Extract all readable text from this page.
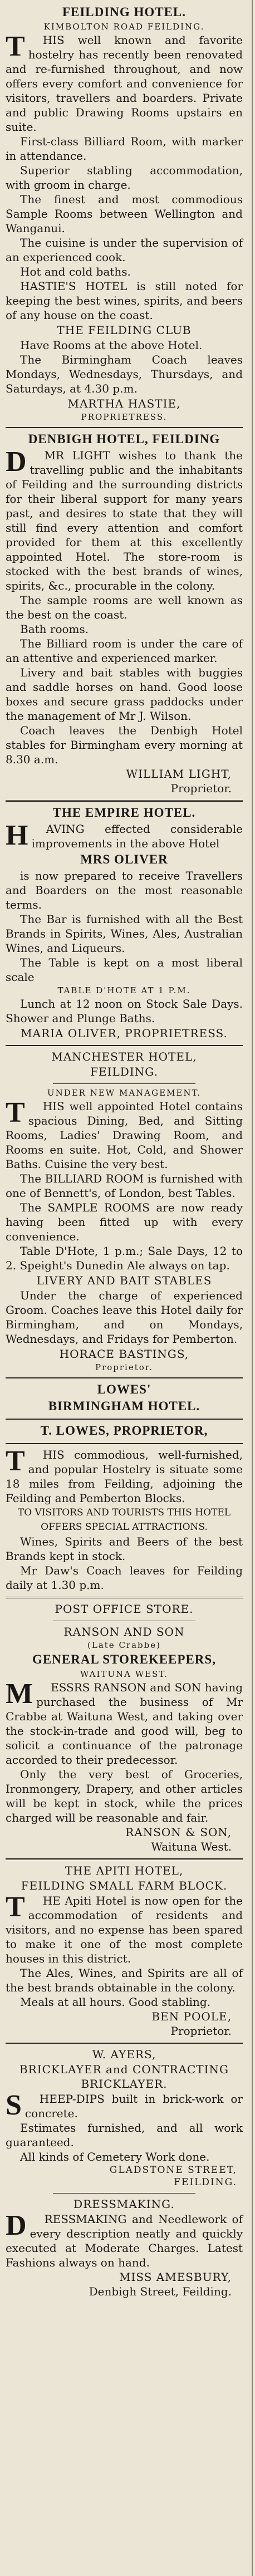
FEILDING HOTEL.
KIMBOLTON ROAD FEILDING.

T HIS well known and favorite hostelry has recently been renovated and re-furnished throughout, and now offers every comfort and convenience for visitors, travellers and boarders. Private and public Drawing Rooms upstairs en suite.

First-class Billiard Room, with marker in attendance.

Superior stabling accommodation, with groom in charge.

The finest and most commodious Sample Rooms between Wellington and Wanganui.

The cuisine is under the supervision of an experienced cook.

Hot and cold baths.

HASTIE'S HOTEL is still noted for keeping the best wines, spirits, and beers of any house on the coast.

THE FEILDING CLUB

Have Rooms at the above Hotel.

The Birmingham Coach leaves Mondays, Wednesdays, Thursdays, and Saturdays, at 4.30 p.m.

MARTHA HASTIE,
PROPRIETRESS.
DENBIGH HOTEL, FEILDING

D MR LIGHT wishes to thank the travelling public and the inhabitants of Feilding and the surrounding districts for their liberal support for many years past, and desires to state that they will still find every attention and comfort provided for them at this excellently appointed Hotel. The store-room is stocked with the best brands of wines, spirits, &c., procurable in the colony.

The sample rooms are well known as the best on the coast.

Bath rooms.

The Billiard room is under the care of an attentive and experienced marker.

Livery and bait stables with buggies and saddle horses on hand. Good loose boxes and secure grass paddocks under the management of Mr J. Wilson.

Coach leaves the Denbigh Hotel stables for Birmingham every morning at 8.30 a.m.

WILLIAM LIGHT,
Proprietor.
THE EMPIRE HOTEL.

H AVING effected considerable improvements in the above Hotel

MRS OLIVER

is now prepared to receive Travellers and Boarders on the most reasonable terms.

The Bar is furnished with all the Best Brands in Spirits, Wines, Ales, Australian Wines, and Liqueurs.

The Table is kept on a most liberal scale

TABLE D'HOTE AT 1 P.M.

Lunch at 12 noon on Stock Sale Days. Shower and Plunge Baths.

MARIA OLIVER, PROPRIETRESS.
MANCHESTER HOTEL,
FEILDING.
UNDER NEW MANAGEMENT.

T HIS well appointed Hotel contains spacious Dining, Bed, and Sitting Rooms, Ladies' Drawing Room, and Rooms en suite. Hot, Cold, and Shower Baths. Cuisine the very best.

The BILLIARD ROOM is furnished with one of Bennett's, of London, best Tables.

The SAMPLE ROOMS are now ready having been fitted up with every convenience.

Table D'Hote, 1 p.m.; Sale Days, 12 to 2. Speight's Dunedin Ale always on tap.

LIVERY AND BAIT STABLES

Under the charge of experienced Groom. Coaches leave this Hotel daily for Birmingham, and on Mondays, Wednesdays, and Fridays for Pemberton.

HORACE BASTINGS,
Proprietor.
LOWES'
BIRMINGHAM HOTEL.
T. LOWES, PROPRIETOR,

T HIS commodious, well-furnished, and popular Hostelry is situate some 18 miles from Feilding, adjoining the Feilding and Pemberton Blocks.

TO VISITORS AND TOURISTS THIS HOTEL OFFERS SPECIAL ATTRACTIONS.

Wines, Spirits and Beers of the best Brands kept in stock.

Mr Daw's Coach leaves for Feilding daily at 1.30 p.m.

POST OFFICE STORE.
RANSON AND SON
(Late Crabbe)
GENERAL STOREKEEPERS,
WAITUNA WEST.

M ESSRS RANSON and SON having purchased the business of Mr Crabbe at Waituna West, and taking over the stock-in-trade and good will, beg to solicit a continuance of the patronage accorded to their predecessor.

Only the very best of Groceries, Ironmongery, Drapery, and other articles will be kept in stock, while the prices charged will be reasonable and fair.

RANSON & SON,
Waituna West.
THE APITI HOTEL,
FEILDING SMALL FARM BLOCK.

T HE Apiti Hotel is now open for the accommodation of residents and visitors, and no expense has been spared to make it one of the most complete houses in this district.

The Ales, Wines, and Spirits are all of the best brands obtainable in the colony.

Meals at all hours. Good stabling.

BEN POOLE,
Proprietor.
W. AYERS,
BRICKLAYER and CONTRACTING BRICKLAYER.

S HEEP-DIPS built in brick-work or concrete.

Estimates furnished, and all work guaranteed.

All kinds of Cemetery Work done.

GLADSTONE STREET,
FEILDING.
DRESSMAKING.

D RESSMAKING and Needlework of every description neatly and quickly executed at Moderate Charges. Latest Fashions always on hand.

MISS AMESBURY,
Denbigh Street, Feilding.
